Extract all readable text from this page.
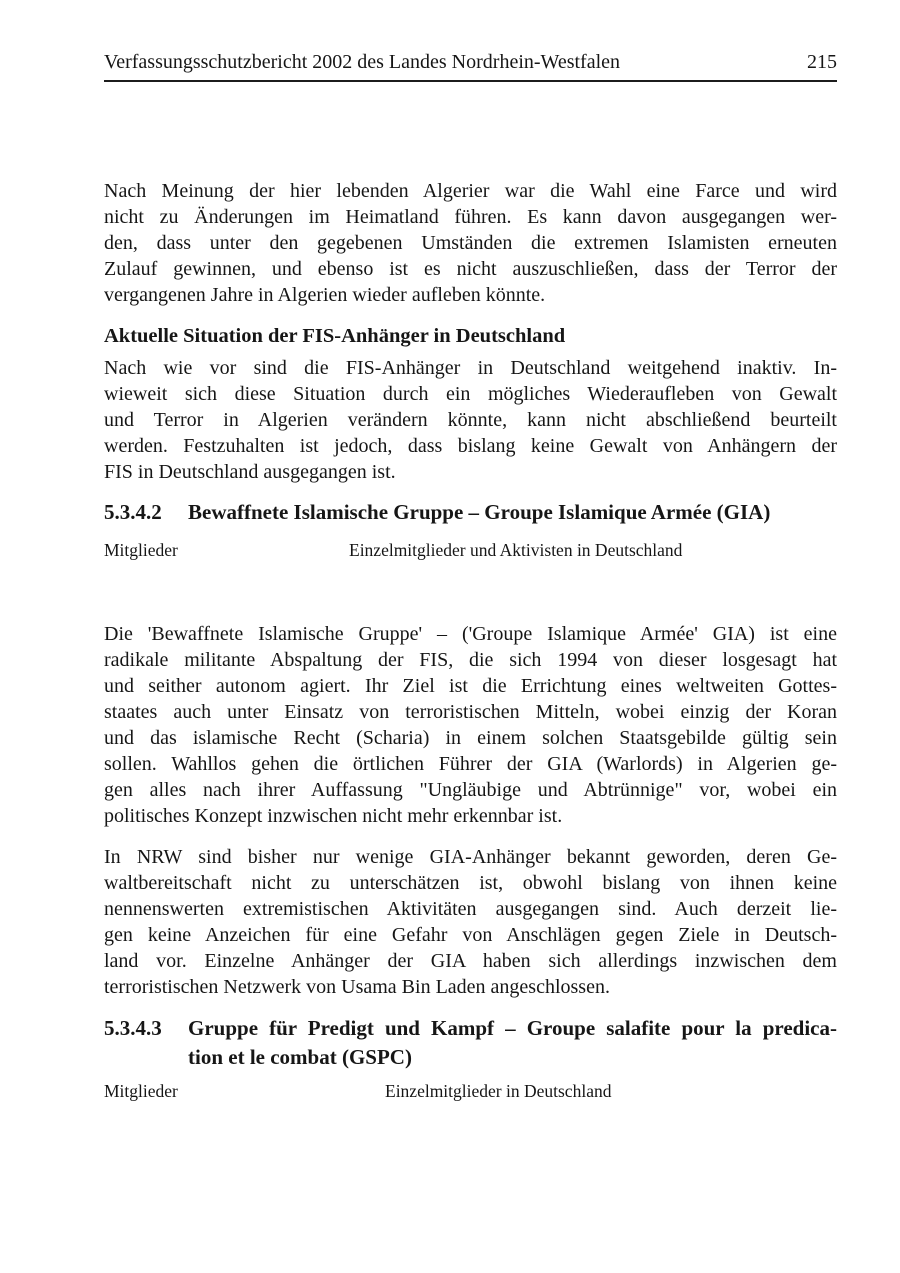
Verfassungsschutzbericht 2002 des Landes Nordrhein-Westfalen	215
Nach Meinung der hier lebenden Algerier war die Wahl eine Farce und wird
nicht zu Änderungen im Heimatland führen. Es kann davon ausgegangen wer-
den, dass unter den gegebenen Umständen die extremen Islamisten erneuten
Zulauf gewinnen, und ebenso ist es nicht auszuschließen, dass der Terror der
vergangenen Jahre in Algerien wieder aufleben könnte.
Aktuelle Situation der FIS-Anhänger in Deutschland
Nach wie vor sind die FIS-Anhänger in Deutschland weitgehend inaktiv. In-
wieweit sich diese Situation durch ein mögliches Wiederaufleben von Gewalt
und Terror in Algerien verändern könnte, kann nicht abschließend beurteilt
werden. Festzuhalten ist jedoch, dass bislang keine Gewalt von Anhängern der
FIS in Deutschland ausgegangen ist.
5.3.4.2	Bewaffnete Islamische Gruppe – Groupe Islamique Armée (GIA)
Mitglieder	Einzelmitglieder und Aktivisten in Deutschland
Die 'Bewaffnete Islamische Gruppe' – ('Groupe Islamique Armée' GIA) ist eine
radikale militante Abspaltung der FIS, die sich 1994 von dieser losgesagt hat
und seither autonom agiert. Ihr Ziel ist die Errichtung eines weltweiten Gottes-
staates auch unter Einsatz von terroristischen Mitteln, wobei einzig der Koran
und das islamische Recht (Scharia) in einem solchen Staatsgebilde gültig sein
sollen. Wahllos gehen die örtlichen Führer der GIA (Warlords) in Algerien ge-
gen alles nach ihrer Auffassung "Ungläubige und Abtrünnige" vor, wobei ein
politisches Konzept inzwischen nicht mehr erkennbar ist.
In NRW sind bisher nur wenige GIA-Anhänger bekannt geworden, deren Ge-
waltbereitschaft nicht zu unterschätzen ist, obwohl bislang von ihnen keine
nennenswerten extremistischen Aktivitäten ausgegangen sind. Auch derzeit lie-
gen keine Anzeichen für eine Gefahr von Anschlägen gegen Ziele in Deutsch-
land vor. Einzelne Anhänger der GIA haben sich allerdings inzwischen dem
terroristischen Netzwerk von Usama Bin Laden angeschlossen.
5.3.4.3	Gruppe für Predigt und Kampf – Groupe salafite pour la predica-
tion et le combat (GSPC)
Mitglieder	Einzelmitglieder in Deutschland
